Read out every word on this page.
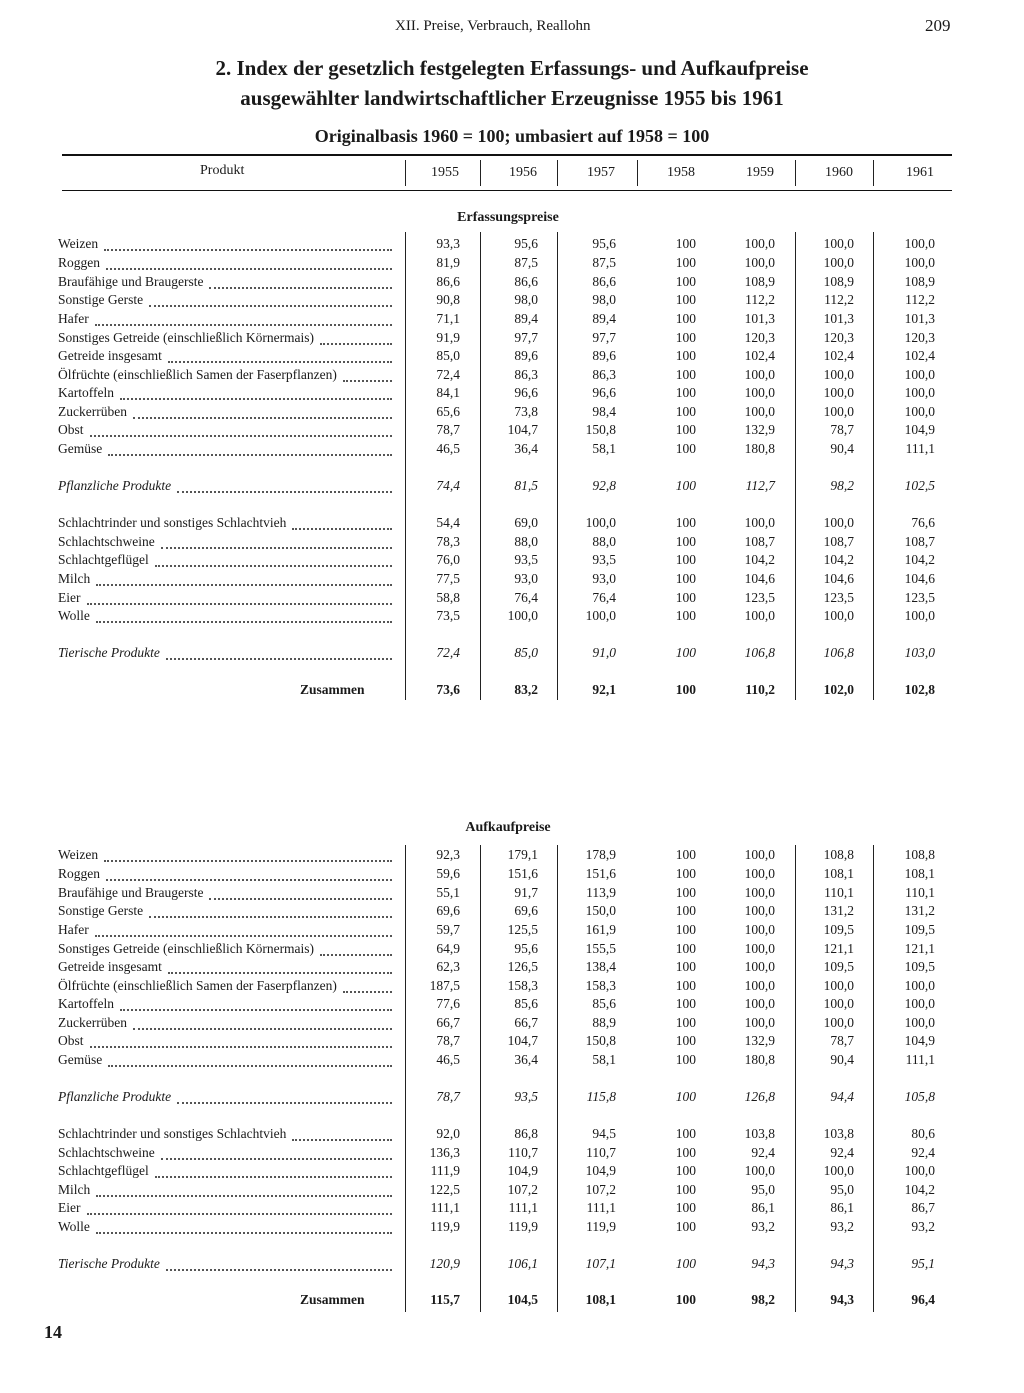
XII. Preise, Verbrauch, Reallohn	209
2. Index der gesetzlich festgelegten Erfassungs- und Aufkaufpreise
ausgewählter landwirtschaftlicher Erzeugnisse 1955 bis 1961
Originalbasis 1960 = 100; umbasiert auf 1958 = 100
Produkt	1955	1956	1957	1958	1959	1960	1961
Erfassungspreise
Weizen	93,3	95,6	95,6	100	100,0	100,0	100,0
Roggen	81,9	87,5	87,5	100	100,0	100,0	100,0
Braufähige und Braugerste	86,6	86,6	86,6	100	108,9	108,9	108,9
Sonstige Gerste	90,8	98,0	98,0	100	112,2	112,2	112,2
Hafer	71,1	89,4	89,4	100	101,3	101,3	101,3
Sonstiges Getreide (einschließlich Körnermais)	91,9	97,7	97,7	100	120,3	120,3	120,3
Getreide insgesamt	85,0	89,6	89,6	100	102,4	102,4	102,4
Ölfrüchte (einschließlich Samen der Faserpflanzen)	72,4	86,3	86,3	100	100,0	100,0	100,0
Kartoffeln	84,1	96,6	96,6	100	100,0	100,0	100,0
Zuckerrüben	65,6	73,8	98,4	100	100,0	100,0	100,0
Obst	78,7	104,7	150,8	100	132,9	78,7	104,9
Gemüse	46,5	36,4	58,1	100	180,8	90,4	111,1
Pflanzliche Produkte	74,4	81,5	92,8	100	112,7	98,2	102,5
Schlachtrinder und sonstiges Schlachtvieh	54,4	69,0	100,0	100	100,0	100,0	76,6
Schlachtschweine	78,3	88,0	88,0	100	108,7	108,7	108,7
Schlachtgeflügel	76,0	93,5	93,5	100	104,2	104,2	104,2
Milch	77,5	93,0	93,0	100	104,6	104,6	104,6
Eier	58,8	76,4	76,4	100	123,5	123,5	123,5
Wolle	73,5	100,0	100,0	100	100,0	100,0	100,0
Tierische Produkte	72,4	85,0	91,0	100	106,8	106,8	103,0
Zusammen	73,6	83,2	92,1	100	110,2	102,0	102,8
Aufkaufpreise
Weizen	92,3	179,1	178,9	100	100,0	108,8	108,8
Roggen	59,6	151,6	151,6	100	100,0	108,1	108,1
Braufähige und Braugerste	55,1	91,7	113,9	100	100,0	110,1	110,1
Sonstige Gerste	69,6	69,6	150,0	100	100,0	131,2	131,2
Hafer	59,7	125,5	161,9	100	100,0	109,5	109,5
Sonstiges Getreide (einschließlich Körnermais)	64,9	95,6	155,5	100	100,0	121,1	121,1
Getreide insgesamt	62,3	126,5	138,4	100	100,0	109,5	109,5
Ölfrüchte (einschließlich Samen der Faserpflanzen)	187,5	158,3	158,3	100	100,0	100,0	100,0
Kartoffeln	77,6	85,6	85,6	100	100,0	100,0	100,0
Zuckerrüben	66,7	66,7	88,9	100	100,0	100,0	100,0
Obst	78,7	104,7	150,8	100	132,9	78,7	104,9
Gemüse	46,5	36,4	58,1	100	180,8	90,4	111,1
Pflanzliche Produkte	78,7	93,5	115,8	100	126,8	94,4	105,8
Schlachtrinder und sonstiges Schlachtvieh	92,0	86,8	94,5	100	103,8	103,8	80,6
Schlachtschweine	136,3	110,7	110,7	100	92,4	92,4	92,4
Schlachtgeflügel	111,9	104,9	104,9	100	100,0	100,0	100,0
Milch	122,5	107,2	107,2	100	95,0	95,0	104,2
Eier	111,1	111,1	111,1	100	86,1	86,1	86,7
Wolle	119,9	119,9	119,9	100	93,2	93,2	93,2
Tierische Produkte	120,9	106,1	107,1	100	94,3	94,3	95,1
Zusammen	115,7	104,5	108,1	100	98,2	94,3	96,4
14
